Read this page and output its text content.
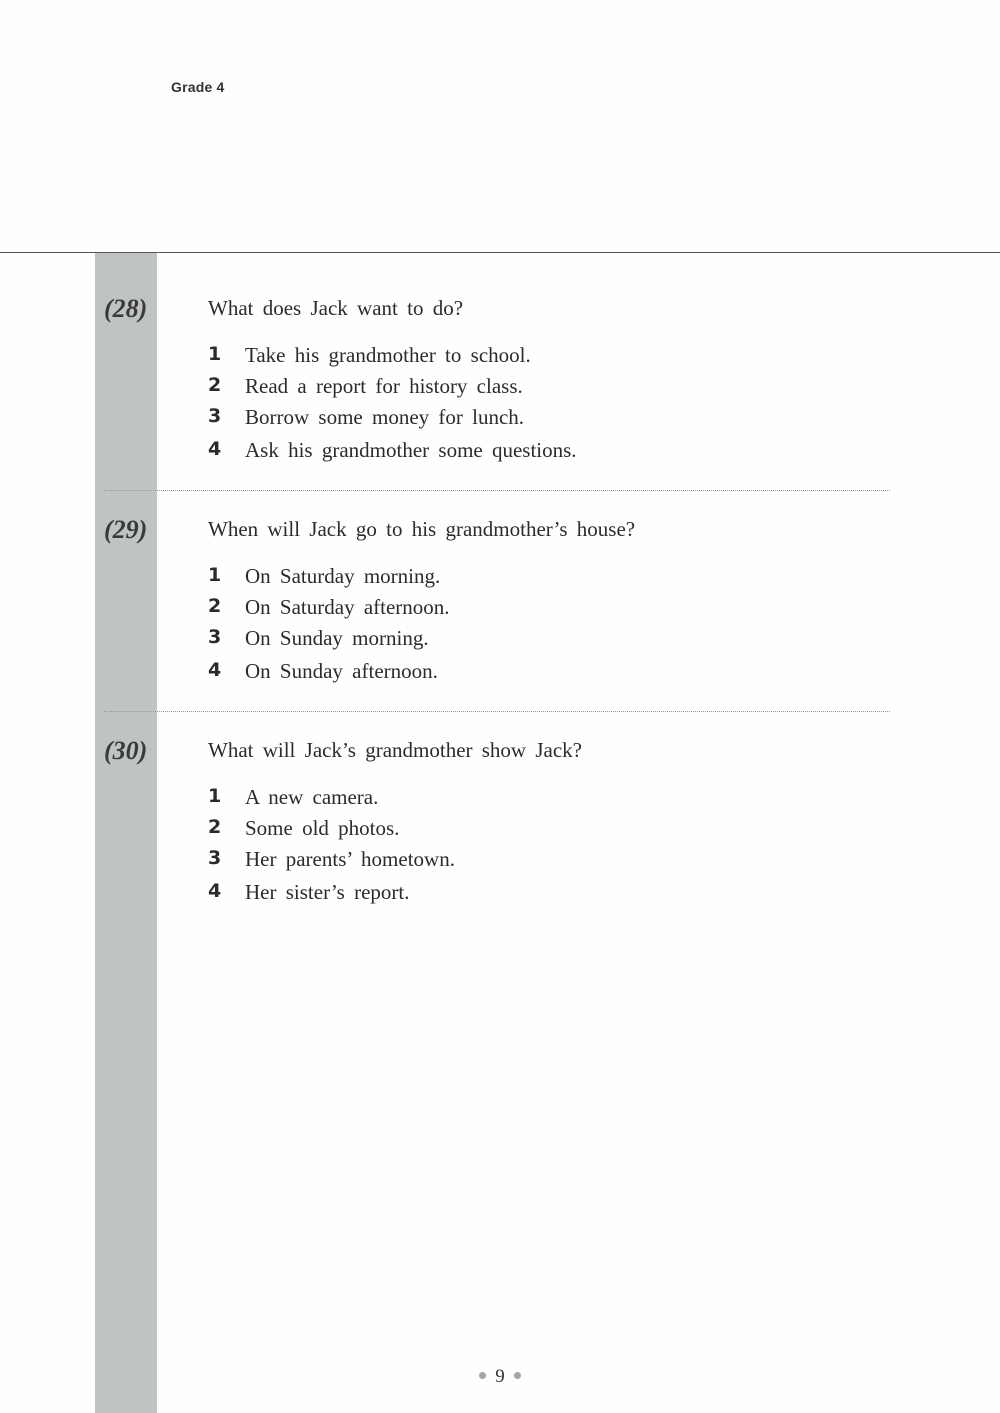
Grade 4
(28)	What does Jack want to do?
1 Take his grandmother to school.
2 Read a report for history class.
3 Borrow some money for lunch.
4 Ask his grandmother some questions.
(29)	When will Jack go to his grandmother’s house?
1 On Saturday morning.
2 On Saturday afternoon.
3 On Sunday morning.
4 On Sunday afternoon.
(30)	What will Jack’s grandmother show Jack?
1 A new camera.
2 Some old photos.
3 Her parents’ hometown.
4 Her sister’s report.
9
